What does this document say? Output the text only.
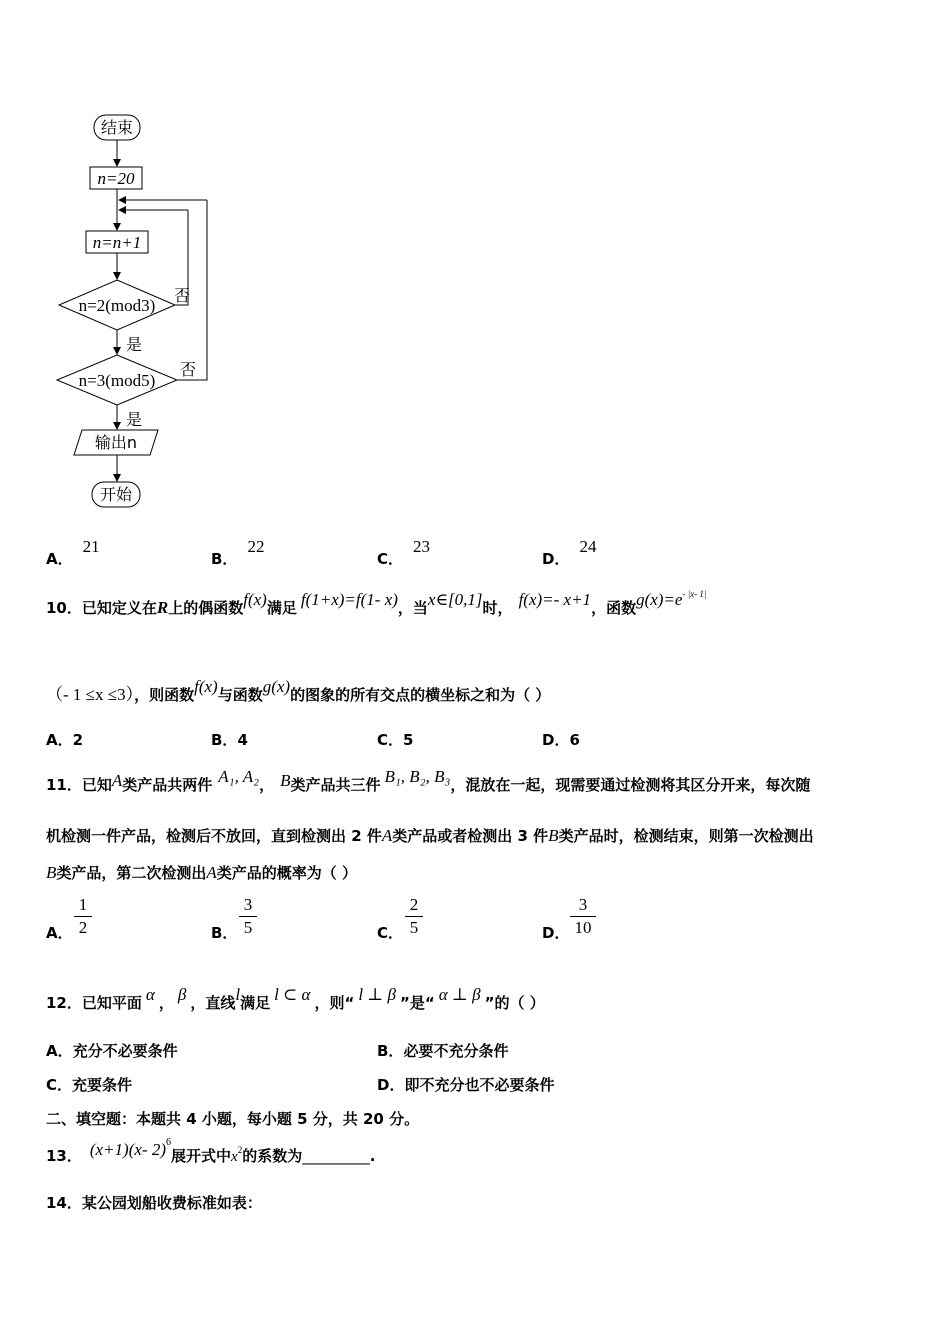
结束
n=20
n=n+1
n=2(mod3)
否
是
n=3(mod5)
否
是
输出n
开始
A．21
B．22
C．23
D．24
10．已知定义在R上的偶函数f(x)满足 f(1+x)=f(1- x)，当x∈[0,1]时， f(x)=- x+1，函数$g(x)=e^{- |x- 1|}$
（- 1 ≤x ≤3），则函数f(x)与函数g(x)的图象的所有交点的横坐标之和为（ ）
A．2	B．4	C．5	D．6
11．已知A类产品共两件 A₁, A₂， B类产品共三件 B₁, B₂, B₃，混放在一起，现需要通过检测将其区分开来，每次随
机检测一件产品，检测后不放回，直到检测出 2 件A类产品或者检测出 3 件B类产品时，检测结束，则第一次检测出
B类产品，第二次检测出A类产品的概率为（ ）
A．
1
2	B．
3
5	C．
2
5	D．
3
10
12．已知平面 α ， β ，直线l满足 l ⊂ α ，则“ l ⊥ β ”是“ α ⊥ β ”的（ ）
A．充分不必要条件	B．必要不充分条件
C．充要条件	D．即不充分也不必要条件
二、填空题：本题共 4 小题，每小题 5 分，共 20 分。
13． (x+1)(x- 2)$^6$展开式中$x^2$的系数为_________.
14．某公园划船收费标准如表：
